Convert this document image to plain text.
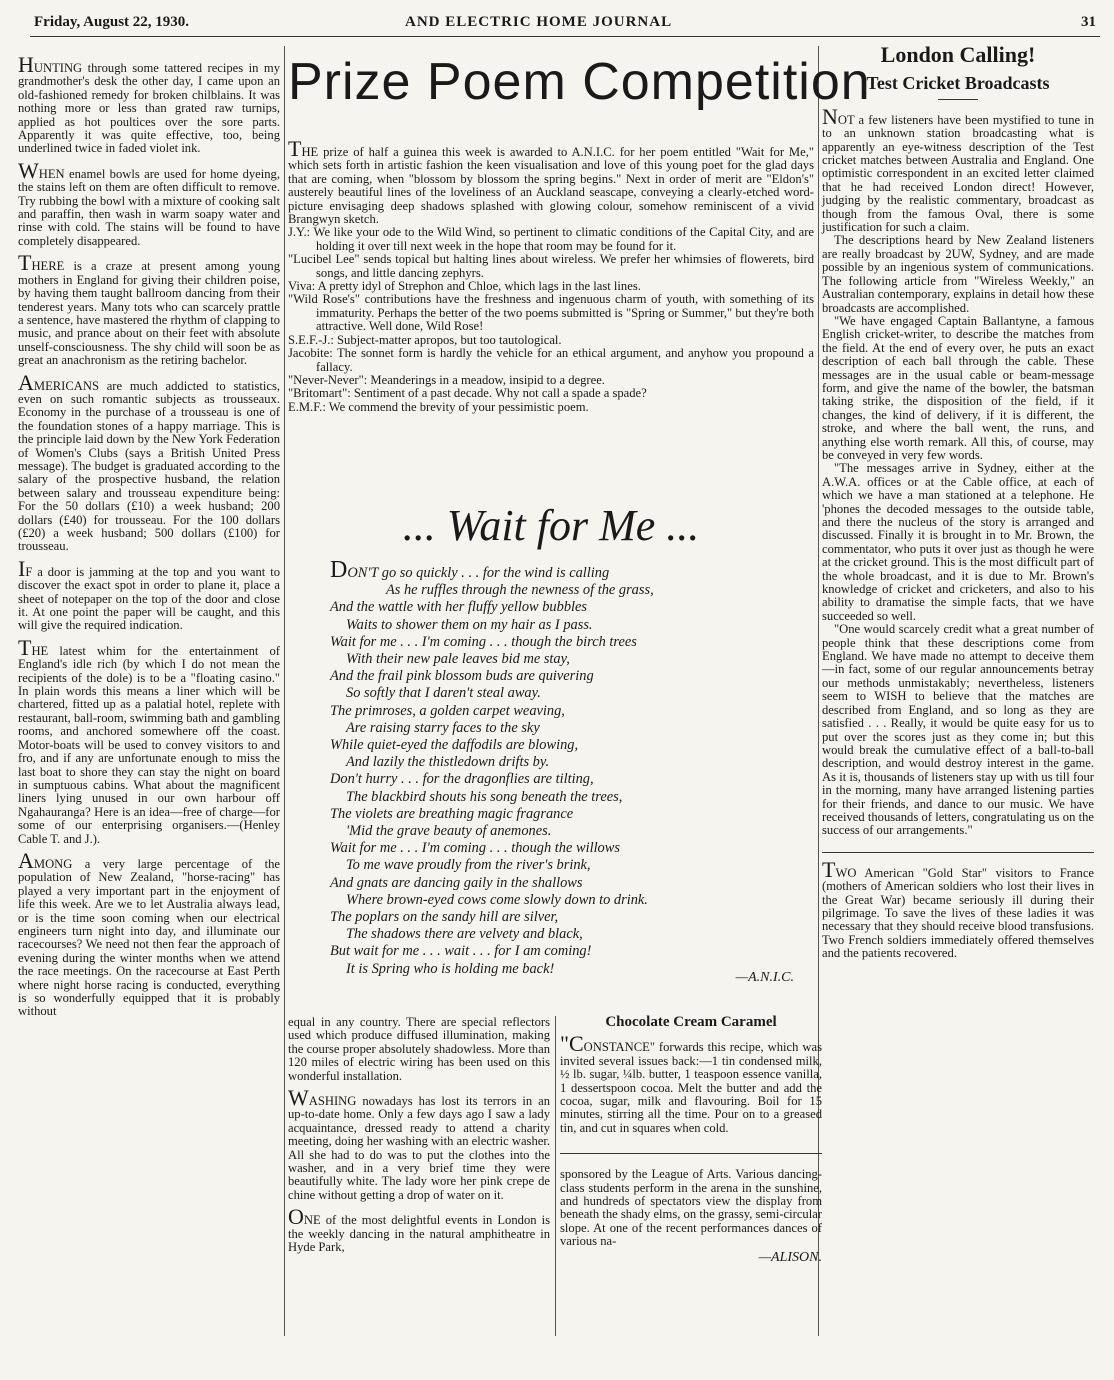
Friday, August 22, 1930.	AND ELECTRIC HOME JOURNAL	31

HUNTING through some tattered recipes in my grandmother's desk the other day, I came upon an old-fashioned remedy for broken chilblains. It was nothing more or less than grated raw turnips, applied as hot poultices over the sore parts. Apparently it was quite effective, too, being underlined twice in faded violet ink.

WHEN enamel bowls are used for home dyeing, the stains left on them are often difficult to remove. Try rubbing the bowl with a mixture of cooking salt and paraffin, then wash in warm soapy water and rinse with cold. The stains will be found to have completely disappeared.

THERE is a craze at present among young mothers in England for giving their children poise, by having them taught ballroom dancing from their tenderest years. Many tots who can scarcely prattle a sentence, have mastered the rhythm of clapping to music, and prance about on their feet with absolute unself-consciousness. The shy child will soon be as great an anachronism as the retiring bachelor.

AMERICANS are much addicted to statistics, even on such romantic subjects as trousseaux. Economy in the purchase of a trousseau is one of the foundation stones of a happy marriage. This is the principle laid down by the New York Federation of Women's Clubs (says a British United Press message). The budget is graduated according to the salary of the prospective husband, the relation between salary and trousseau expenditure being: For the 50 dollars (£10) a week husband; 200 dollars (£40) for trousseau. For the 100 dollars (£20) a week husband; 500 dollars (£100) for trousseau.

IF a door is jamming at the top and you want to discover the exact spot in order to plane it, place a sheet of notepaper on the top of the door and close it. At one point the paper will be caught, and this will give the required indication.

THE latest whim for the entertainment of England's idle rich (by which I do not mean the recipients of the dole) is to be a "floating casino." In plain words this means a liner which will be chartered, fitted up as a palatial hotel, replete with restaurant, ball-room, swimming bath and gambling rooms, and anchored somewhere off the coast. Motor-boats will be used to convey visitors to and fro, and if any are unfortunate enough to miss the last boat to shore they can stay the night on board in sumptuous cabins. What about the magnificent liners lying unused in our own harbour off Ngahauranga? Here is an idea—free of charge—for some of our enterprising organisers.—(Henley Cable T. and J.).

AMONG a very large percentage of the population of New Zealand, "horse-racing" has played a very important part in the enjoyment of life this week. Are we to let Australia always lead, or is the time soon coming when our electrical engineers turn night into day, and illuminate our racecourses? We need not then fear the approach of evening during the winter months when we attend the race meetings. On the racecourse at East Perth where night horse racing is conducted, everything is so wonderfully equipped that it is probably without

Prize Poem Competition

THE prize of half a guinea this week is awarded to A.N.I.C. for her poem entitled "Wait for Me," which sets forth in artistic fashion the keen visualisation and love of this young poet for the glad days that are coming, when "blossom by blossom the spring begins." Next in order of merit are "Eldon's" austerely beautiful lines of the loveliness of an Auckland seascape, conveying a clearly-etched word-picture envisaging deep shadows splashed with glowing colour, somehow reminiscent of a vivid Brangwyn sketch.

J.Y.: We like your ode to the Wild Wind, so pertinent to climatic conditions of the Capital City, and are holding it over till next week in the hope that room may be found for it.

"Lucibel Lee" sends topical but halting lines about wireless. We prefer her whimsies of flowerets, bird songs, and little dancing zephyrs.

Viva: A pretty idyl of Strephon and Chloe, which lags in the last lines.

"Wild Rose's" contributions have the freshness and ingenuous charm of youth, with something of its immaturity. Perhaps the better of the two poems submitted is "Spring or Summer," but they're both attractive. Well done, Wild Rose!

S.E.F.-J.: Subject-matter apropos, but too tautological.

Jacobite: The sonnet form is hardly the vehicle for an ethical argument, and anyhow you propound a fallacy.

"Never-Never": Meanderings in a meadow, insipid to a degree.

"Britomart": Sentiment of a past decade. Why not call a spade a spade?

E.M.F.: We commend the brevity of your pessimistic poem.

... Wait for Me ...
DON'T go so quickly . . . for the wind is calling
As he ruffles through the newness of the grass,
And the wattle with her fluffy yellow bubbles
Waits to shower them on my hair as I pass.
Wait for me . . . I'm coming . . . though the birch trees
With their new pale leaves bid me stay,
And the frail pink blossom buds are quivering
So softly that I daren't steal away.
The primroses, a golden carpet weaving,
Are raising starry faces to the sky
While quiet-eyed the daffodils are blowing,
And lazily the thistledown drifts by.
Don't hurry . . . for the dragonflies are tilting,
The blackbird shouts his song beneath the trees,
The violets are breathing magic fragrance
'Mid the grave beauty of anemones.
Wait for me . . . I'm coming . . . though the willows
To me wave proudly from the river's brink,
And gnats are dancing gaily in the shallows
Where brown-eyed cows come slowly down to drink.
The poplars on the sandy hill are silver,
The shadows there are velvety and black,
But wait for me . . . wait . . . for I am coming!
It is Spring who is holding me back!
—A.N.I.C.

equal in any country. There are special reflectors used which produce diffused illumination, making the course proper absolutely shadowless. More than 120 miles of electric wiring has been used on this wonderful installation.

WASHING nowadays has lost its terrors in an up-to-date home. Only a few days ago I saw a lady acquaintance, dressed ready to attend a charity meeting, doing her washing with an electric washer. All she had to do was to put the clothes into the washer, and in a very brief time they were beautifully white. The lady wore her pink crepe de chine without getting a drop of water on it.

ONE of the most delightful events in London is the weekly dancing in the natural amphitheatre in Hyde Park,

Chocolate Cream Caramel

"CONSTANCE" forwards this recipe, which was invited several issues back:—1 tin condensed milk, ½ lb. sugar, ¼lb. butter, 1 teaspoon essence vanilla, 1 dessertspoon cocoa. Melt the butter and add the cocoa, sugar, milk and flavouring. Boil for 15 minutes, stirring all the time. Pour on to a greased tin, and cut in squares when cold.

sponsored by the League of Arts. Various dancing-class students perform in the arena in the sunshine, and hundreds of spectators view the display from beneath the shady elms, on the grassy, semi-circular slope. At one of the recent performances dances of various na-

—ALISON.
London Calling!
Test Cricket Broadcasts

NOT a few listeners have been mystified to tune in to an unknown station broadcasting what is apparently an eye-witness description of the Test cricket matches between Australia and England. One optimistic correspondent in an excited letter claimed that he had received London direct! However, judging by the realistic commentary, broadcast as though from the famous Oval, there is some justification for such a claim.

The descriptions heard by New Zealand listeners are really broadcast by 2UW, Sydney, and are made possible by an ingenious system of communications. The following article from "Wireless Weekly," an Australian contemporary, explains in detail how these broadcasts are accomplished.

"We have engaged Captain Ballantyne, a famous English cricket-writer, to describe the matches from the field. At the end of every over, he puts an exact description of each ball through the cable. These messages are in the usual cable or beam-message form, and give the name of the bowler, the batsman taking strike, the disposition of the field, if it changes, the kind of delivery, if it is different, the stroke, and where the ball went, the runs, and anything else worth remark. All this, of course, may be conveyed in very few words.

"The messages arrive in Sydney, either at the A.W.A. offices or at the Cable office, at each of which we have a man stationed at a telephone. He 'phones the decoded messages to the outside table, and there the nucleus of the story is arranged and discussed. Finally it is brought in to Mr. Brown, the commentator, who puts it over just as though he were at the cricket ground. This is the most difficult part of the whole broadcast, and it is due to Mr. Brown's knowledge of cricket and cricketers, and also to his ability to dramatise the simple facts, that we have succeeded so well.

"One would scarcely credit what a great number of people think that these descriptions come from England. We have made no attempt to deceive them—in fact, some of our regular announcements betray our methods unmistakably; nevertheless, listeners seem to WISH to believe that the matches are described from England, and so long as they are satisfied . . . Really, it would be quite easy for us to put over the scores just as they come in; but this would break the cumulative effect of a ball-to-ball description, and would destroy interest in the game. As it is, thousands of listeners stay up with us till four in the morning, many have arranged listening parties for their friends, and dance to our music. We have received thousands of letters, congratulating us on the success of our arrangements."

TWO American "Gold Star" visitors to France (mothers of American soldiers who lost their lives in the Great War) became seriously ill during their pilgrimage. To save the lives of these ladies it was necessary that they should receive blood transfusions. Two French soldiers immediately offered themselves and the patients recovered.
